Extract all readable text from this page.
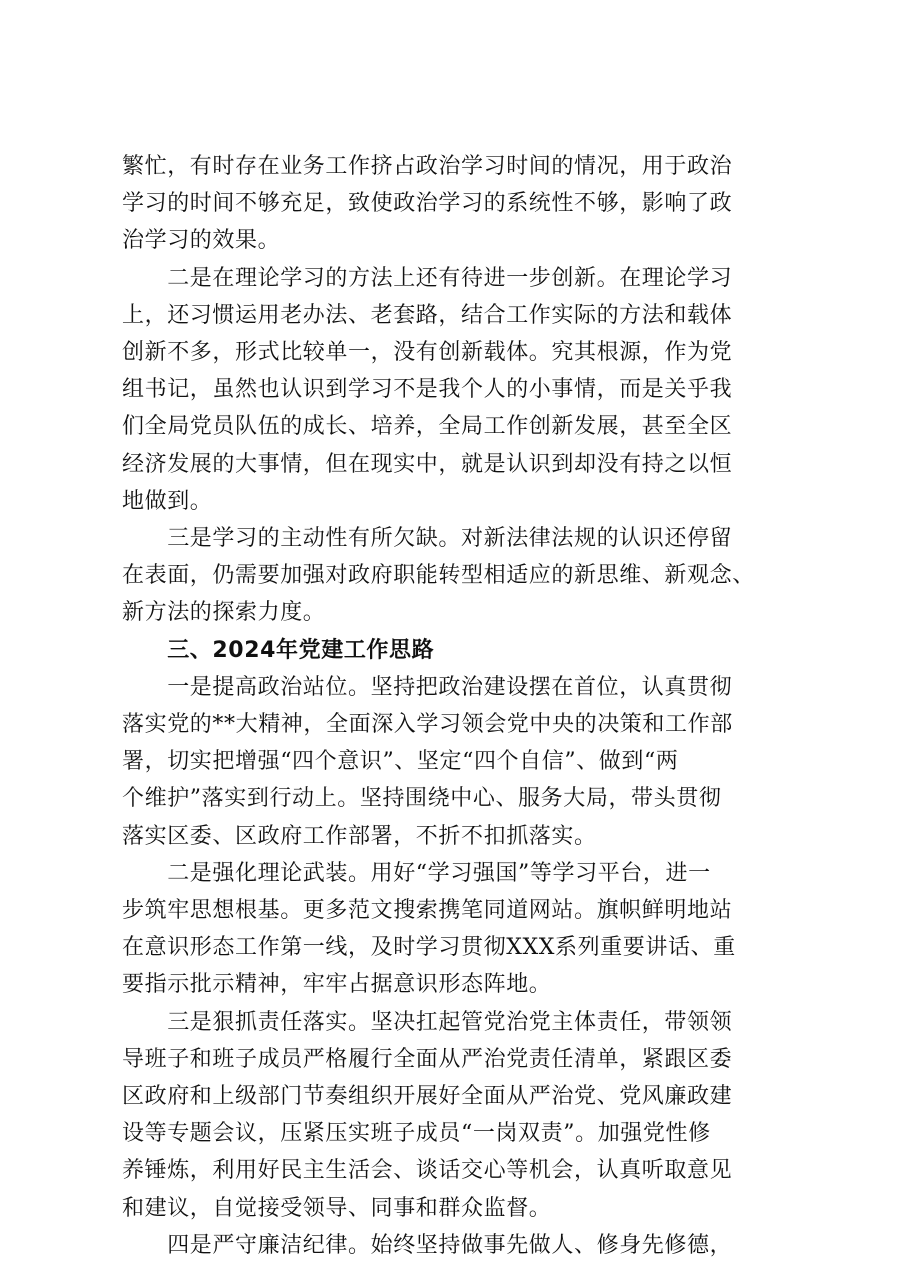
繁忙，有时存在业务工作挤占政治学习时间的情况，用于政治
学习的时间不够充足，致使政治学习的系统性不够，影响了政
治学习的效果。

　　二是在理论学习的方法上还有待进一步创新。在理论学习
上，还习惯运用老办法、老套路，结合工作实际的方法和载体
创新不多，形式比较单一，没有创新载体。究其根源，作为党
组书记，虽然也认识到学习不是我个人的小事情，而是关乎我
们全局党员队伍的成长、培养，全局工作创新发展，甚至全区
经济发展的大事情，但在现实中，就是认识到却没有持之以恒
地做到。

　　三是学习的主动性有所欠缺。对新法律法规的认识还停留
在表面，仍需要加强对政府职能转型相适应的新思维、新观念、
新方法的探索力度。

　　三、2024年党建工作思路

　　一是提高政治站位。坚持把政治建设摆在首位，认真贯彻
落实党的**大精神，全面深入学习领会党中央的决策和工作部
署，切实把增强“四个意识”、坚定“四个自信”、做到“两
个维护”落实到行动上。坚持围绕中心、服务大局，带头贯彻
落实区委、区政府工作部署，不折不扣抓落实。

　　二是强化理论武装。用好“学习强国”等学习平台，进一
步筑牢思想根基。更多范文搜索携笔同道网站。旗帜鲜明地站
在意识形态工作第一线，及时学习贯彻XXX系列重要讲话、重
要指示批示精神，牢牢占据意识形态阵地。

　　三是狠抓责任落实。坚决扛起管党治党主体责任，带领领
导班子和班子成员严格履行全面从严治党责任清单，紧跟区委
区政府和上级部门节奏组织开展好全面从严治党、党风廉政建
设等专题会议，压紧压实班子成员“一岗双责”。加强党性修
养锤炼，利用好民主生活会、谈话交心等机会，认真听取意见
和建议，自觉接受领导、同事和群众监督。

　　四是严守廉洁纪律。始终坚持做事先做人、修身先修德，
